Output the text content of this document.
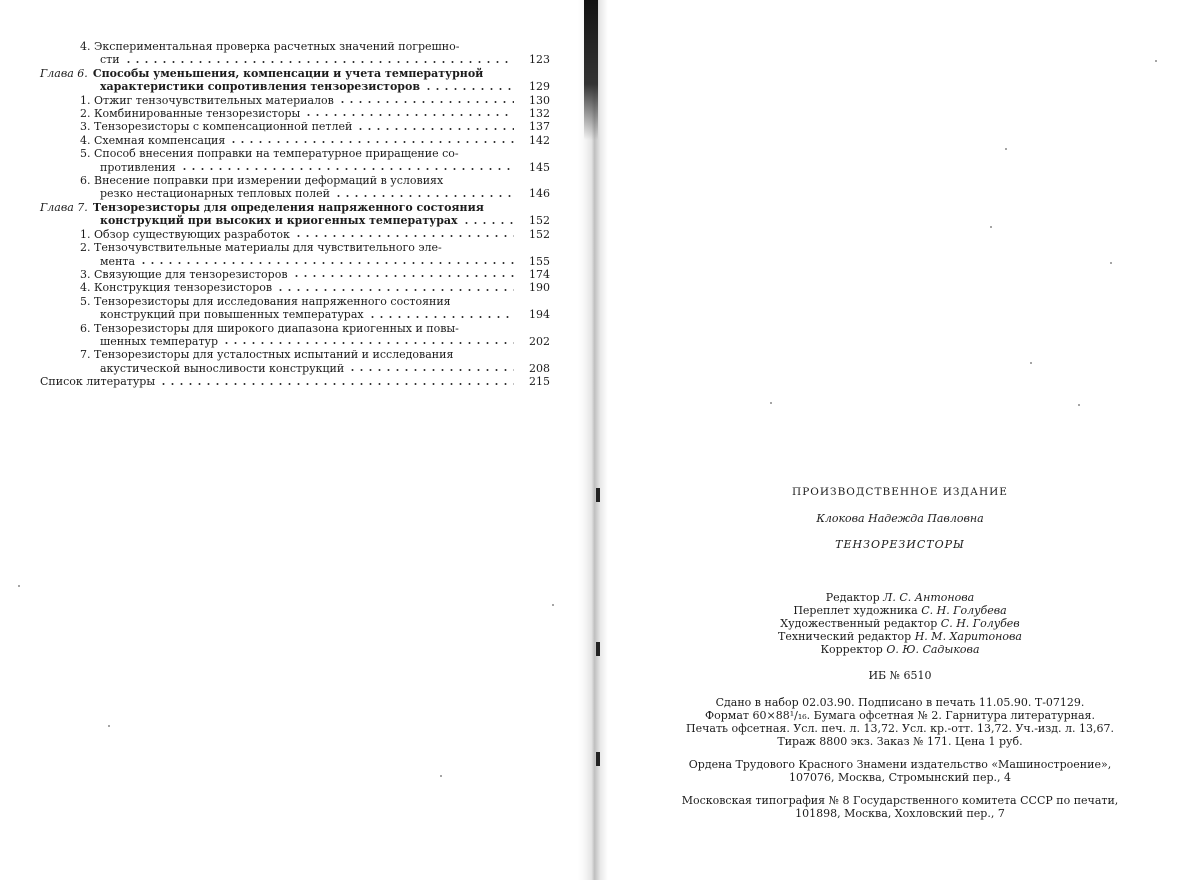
4. Экспериментальная проверка расчетных значений погрешно-
сти	123
Глава 6. Способы уменьшения, компенсации и учета температурной
характеристики сопротивления тензорезисторов	129
1. Отжиг тензочувствительных материалов	130
2. Комбинированные тензорезисторы	132
3. Тензорезисторы с компенсационной петлей	137
4. Схемная компенсация	142
5. Способ внесения поправки на температурное приращение со-
противления	145
6. Внесение поправки при измерении деформаций в условиях
резко нестационарных тепловых полей	146
Глава 7. Тензорезисторы для определения напряженного состояния
конструкций при высоких и криогенных температурах	152
1. Обзор существующих разработок	152
2. Тензочувствительные материалы для чувствительного эле-
мента	155
3. Связующие для тензорезисторов	174
4. Конструкция тензорезисторов	190
5. Тензорезисторы для исследования напряженного состояния
конструкций при повышенных температурах	194
6. Тензорезисторы для широкого диапазона криогенных и повы-
шенных температур	202
7. Тензорезисторы для усталостных испытаний и исследования
акустической выносливости конструкций	208
Список литературы	215
ПРОИЗВОДСТВЕННОЕ ИЗДАНИЕ
Клокова Надежда Павловна
ТЕНЗОРЕЗИСТОРЫ
Редактор Л. С. Антонова
Переплет художника С. Н. Голубева
Художественный редактор С. Н. Голубев
Технический редактор Н. М. Харитонова
Корректор О. Ю. Садыкова
ИБ № 6510
Сдано в набор 02.03.90. Подписано в печать 11.05.90. Т-07129.
Формат 60×88¹/₁₆. Бумага офсетная № 2. Гарнитура литературная.
Печать офсетная. Усл. печ. л. 13,72. Усл. кр.-отт. 13,72. Уч.-изд. л. 13,67.
Тираж 8800 экз. Заказ № 171. Цена 1 руб.
Ордена Трудового Красного Знамени издательство «Машиностроение»,
107076, Москва, Стромынский пер., 4
Московская типография № 8 Государственного комитета СССР по печати,
101898, Москва, Хохловский пер., 7
